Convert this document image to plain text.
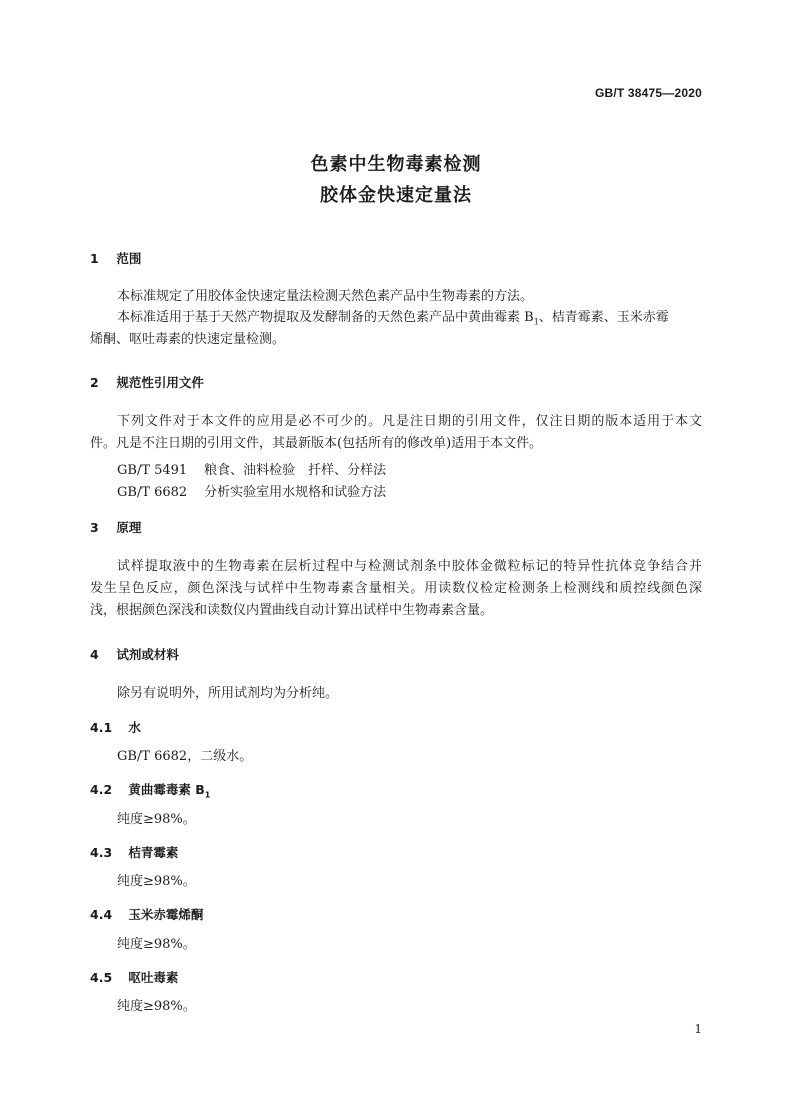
GB/T 38475—2020
色素中生物毒素检测
胶体金快速定量法
1 范围
本标准规定了用胶体金快速定量法检测天然色素产品中生物毒素的方法。
本标准适用于基于天然产物提取及发酵制备的天然色素产品中黄曲霉素 $B_1$、桔青霉素、玉米赤霉
烯酮、呕吐毒素的快速定量检测。
2 规范性引用文件
下列文件对于本文件的应用是必不可少的。凡是注日期的引用文件，仅注日期的版本适用于本文
件。凡是不注日期的引用文件，其最新版本(包括所有的修改单)适用于本文件。
GB/T 5491 粮食、油料检验　扦样、分样法
GB/T 6682 分析实验室用水规格和试验方法
3 原理
试样提取液中的生物毒素在层析过程中与检测试剂条中胶体金微粒标记的特异性抗体竞争结合并
发生呈色反应，颜色深浅与试样中生物毒素含量相关。用读数仪检定检测条上检测线和质控线颜色深
浅，根据颜色深浅和读数仪内置曲线自动计算出试样中生物毒素含量。
4 试剂或材料
除另有说明外，所用试剂均为分析纯。
4.1 水
GB/T 6682，二级水。
4.2 黄曲霉毒素 $B_1$
纯度≥98%。
4.3 桔青霉素
纯度≥98%。
4.4 玉米赤霉烯酮
纯度≥98%。
4.5 呕吐毒素
纯度≥98%。
1
